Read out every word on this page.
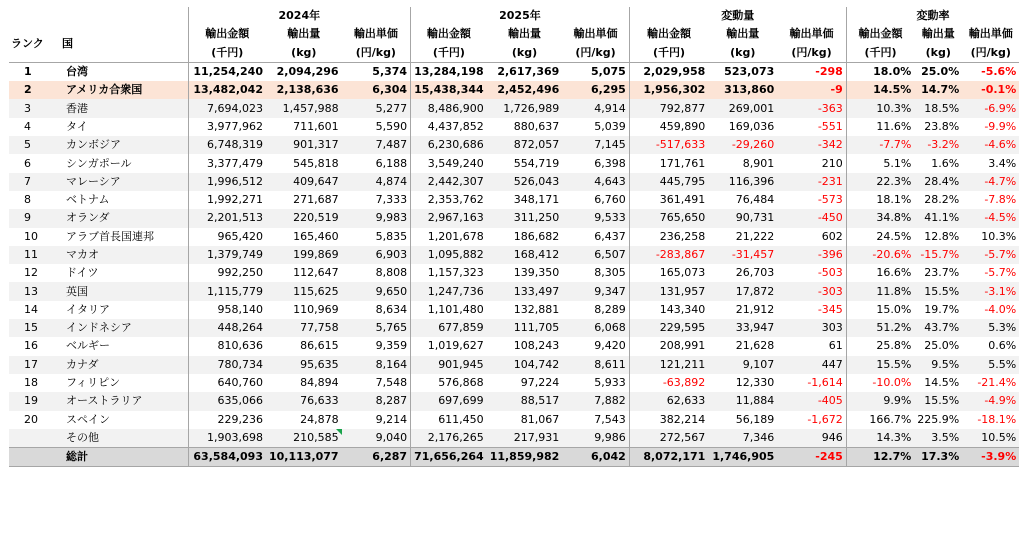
		2024年			2025年			変動量			変動率		
ランク	国	輸出金額	輸出量	輸出単価	輸出金額	輸出量	輸出単価	輸出金額	輸出量	輸出単価	輸出金額	輸出量	輸出単価
		(千円)	(kg)	(円/kg)	(千円)	(kg)	(円/kg)	(千円)	(kg)	(円/kg)	(千円)	(kg)	(円/kg)
1	台湾	11,254,240	2,094,296	5,374	13,284,198	2,617,369	5,075	2,029,958	523,073	-298	18.0%	25.0%	-5.6%
2	アメリカ合衆国	13,482,042	2,138,636	6,304	15,438,344	2,452,496	6,295	1,956,302	313,860	-9	14.5%	14.7%	-0.1%
3	香港	7,694,023	1,457,988	5,277	8,486,900	1,726,989	4,914	792,877	269,001	-363	10.3%	18.5%	-6.9%
4	タイ	3,977,962	711,601	5,590	4,437,852	880,637	5,039	459,890	169,036	-551	11.6%	23.8%	-9.9%
5	カンボジア	6,748,319	901,317	7,487	6,230,686	872,057	7,145	-517,633	-29,260	-342	-7.7%	-3.2%	-4.6%
6	シンガポール	3,377,479	545,818	6,188	3,549,240	554,719	6,398	171,761	8,901	210	5.1%	1.6%	3.4%
7	マレーシア	1,996,512	409,647	4,874	2,442,307	526,043	4,643	445,795	116,396	-231	22.3%	28.4%	-4.7%
8	ベトナム	1,992,271	271,687	7,333	2,353,762	348,171	6,760	361,491	76,484	-573	18.1%	28.2%	-7.8%
9	オランダ	2,201,513	220,519	9,983	2,967,163	311,250	9,533	765,650	90,731	-450	34.8%	41.1%	-4.5%
10	アラブ首長国連邦	965,420	165,460	5,835	1,201,678	186,682	6,437	236,258	21,222	602	24.5%	12.8%	10.3%
11	マカオ	1,379,749	199,869	6,903	1,095,882	168,412	6,507	-283,867	-31,457	-396	-20.6%	-15.7%	-5.7%
12	ドイツ	992,250	112,647	8,808	1,157,323	139,350	8,305	165,073	26,703	-503	16.6%	23.7%	-5.7%
13	英国	1,115,779	115,625	9,650	1,247,736	133,497	9,347	131,957	17,872	-303	11.8%	15.5%	-3.1%
14	イタリア	958,140	110,969	8,634	1,101,480	132,881	8,289	143,340	21,912	-345	15.0%	19.7%	-4.0%
15	インドネシア	448,264	77,758	5,765	677,859	111,705	6,068	229,595	33,947	303	51.2%	43.7%	5.3%
16	ベルギー	810,636	86,615	9,359	1,019,627	108,243	9,420	208,991	21,628	61	25.8%	25.0%	0.6%
17	カナダ	780,734	95,635	8,164	901,945	104,742	8,611	121,211	9,107	447	15.5%	9.5%	5.5%
18	フィリピン	640,760	84,894	7,548	576,868	97,224	5,933	-63,892	12,330	-1,614	-10.0%	14.5%	-21.4%
19	オーストラリア	635,066	76,633	8,287	697,699	88,517	7,882	62,633	11,884	-405	9.9%	15.5%	-4.9%
20	スペイン	229,236	24,878	9,214	611,450	81,067	7,543	382,214	56,189	-1,672	166.7%	225.9%	-18.1%
	その他	1,903,698	210,585	9,040	2,176,265	217,931	9,986	272,567	7,346	946	14.3%	3.5%	10.5%
	総計	63,584,093	10,113,077	6,287	71,656,264	11,859,982	6,042	8,072,171	1,746,905	-245	12.7%	17.3%	-3.9%
